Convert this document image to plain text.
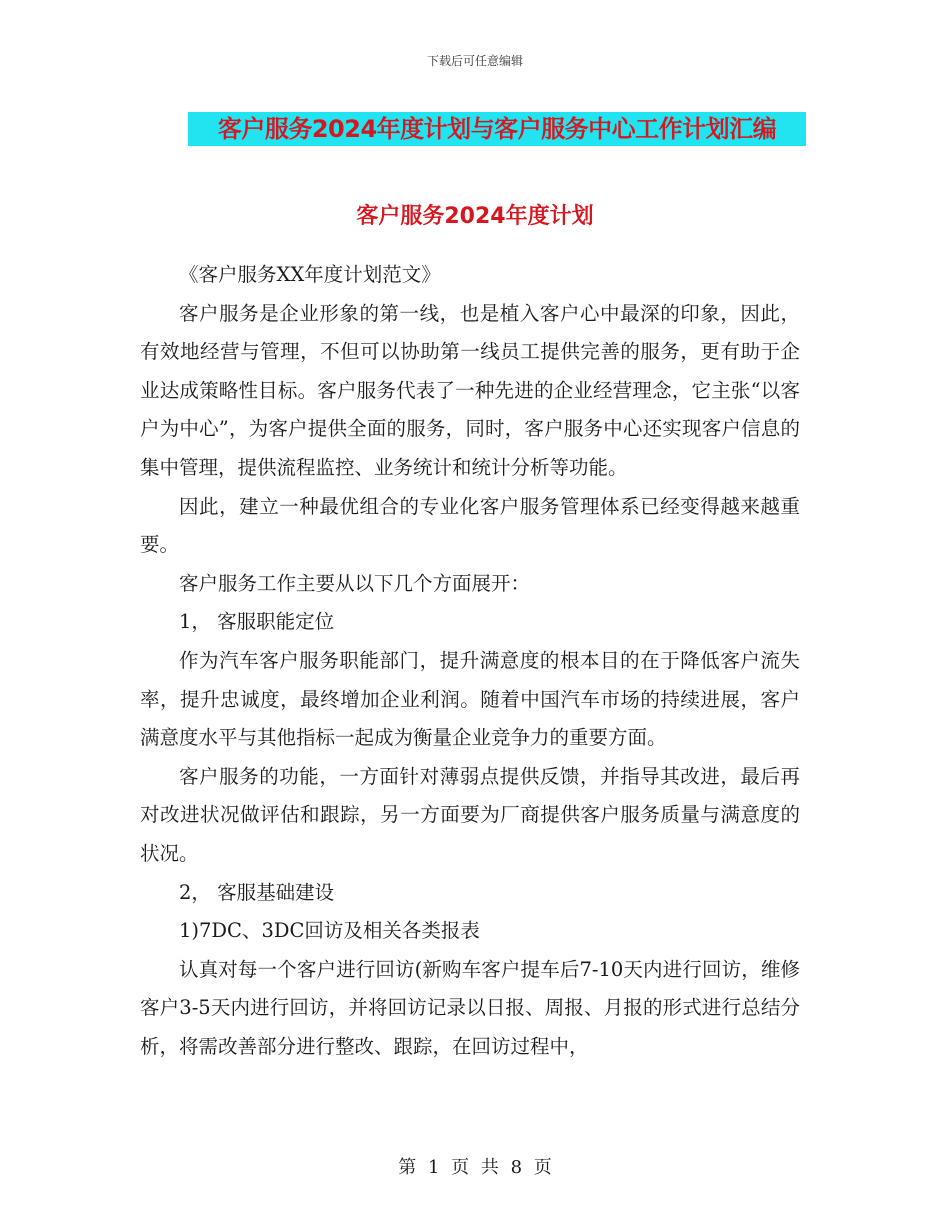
下载后可任意编辑
客户服务2024年度计划与客户服务中心工作计划汇编
客户服务2024年度计划

《客户服务XX年度计划范文》

客户服务是企业形象的第一线，也是植入客户心中最深的印象，因此，有效地经营与管理，不但可以协助第一线员工提供完善的服务，更有助于企业达成策略性目标。客户服务代表了一种先进的企业经营理念，它主张“以客户为中心”，为客户提供全面的服务，同时，客户服务中心还实现客户信息的集中管理，提供流程监控、业务统计和统计分析等功能。

因此，建立一种最优组合的专业化客户服务管理体系已经变得越来越重要。

客户服务工作主要从以下几个方面展开：

1， 客服职能定位

作为汽车客户服务职能部门，提升满意度的根本目的在于降低客户流失率，提升忠诚度，最终增加企业利润。随着中国汽车市场的持续进展，客户满意度水平与其他指标一起成为衡量企业竞争力的重要方面。

客户服务的功能，一方面针对薄弱点提供反馈，并指导其改进，最后再对改进状况做评估和跟踪，另一方面要为厂商提供客户服务质量与满意度的状况。

2， 客服基础建设

1)7DC、3DC回访及相关各类报表

认真对每一个客户进行回访(新购车客户提车后7-10天内进行回访，维修客户3-5天内进行回访，并将回访记录以日报、周报、月报的形式进行总结分析，将需改善部分进行整改、跟踪，在回访过程中，

第 1 页 共 8 页
